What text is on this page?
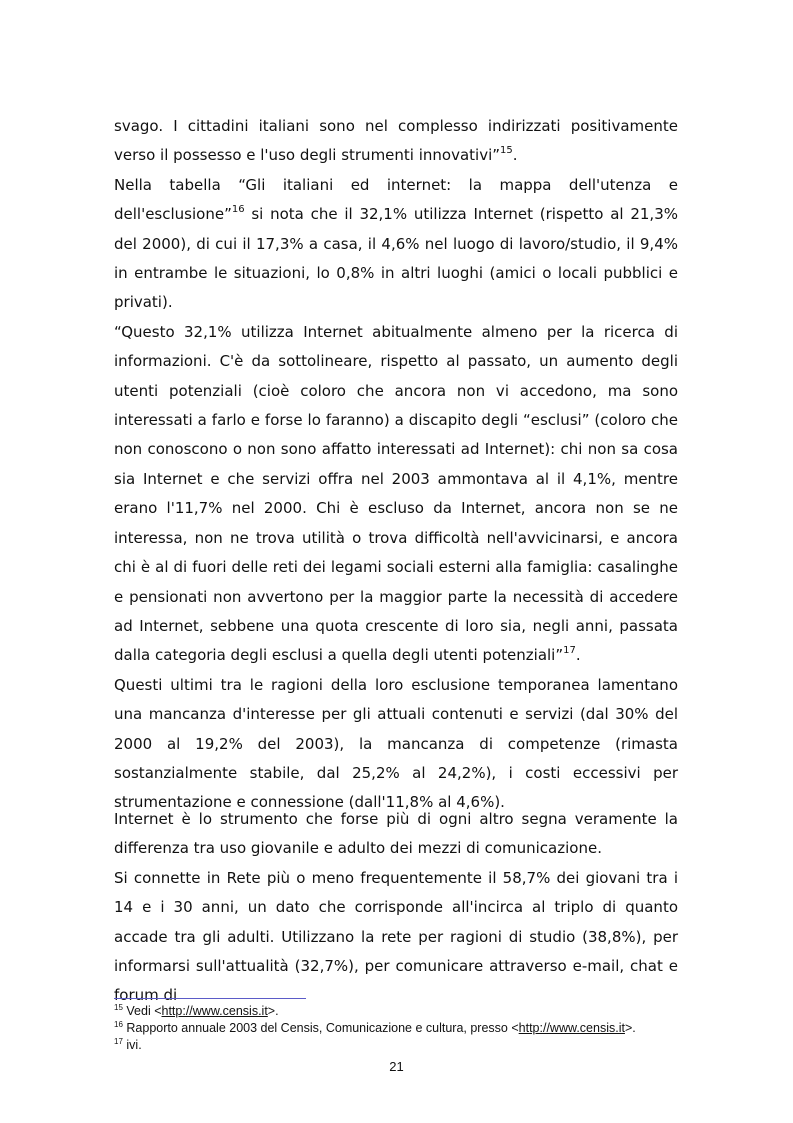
svago. I cittadini italiani sono nel complesso indirizzati positivamente verso il possesso e l'uso degli strumenti innovativi”$^{15}$.

Nella tabella “Gli italiani ed internet: la mappa dell'utenza e dell'esclusione”$^{16}$ si nota che il 32,1% utilizza Internet (rispetto al 21,3% del 2000), di cui il 17,3% a casa, il 4,6% nel luogo di lavoro/studio, il 9,4% in entrambe le situazioni, lo 0,8% in altri luoghi (amici o locali pubblici e privati).

“Questo 32,1% utilizza Internet abitualmente almeno per la ricerca di informazioni. C'è da sottolineare, rispetto al passato, un aumento degli utenti potenziali (cioè coloro che ancora non vi accedono, ma sono interessati a farlo e forse lo faranno) a discapito degli “esclusi” (coloro che non conoscono o non sono affatto interessati ad Internet): chi non sa cosa sia Internet e che servizi offra nel 2003 ammontava al il 4,1%, mentre erano l'11,7% nel 2000. Chi è escluso da Internet, ancora non se ne interessa, non ne trova utilità o trova difficoltà nell'avvicinarsi, e ancora chi è al di fuori delle reti dei legami sociali esterni alla famiglia: casalinghe e pensionati non avvertono per la maggior parte la necessità di accedere ad Internet, sebbene una quota crescente di loro sia, negli anni, passata dalla categoria degli esclusi a quella degli utenti potenziali”$^{17}$.

Questi ultimi tra le ragioni della loro esclusione temporanea lamentano una mancanza d'interesse per gli attuali contenuti e servizi (dal 30% del 2000 al 19,2% del 2003), la mancanza di competenze (rimasta sostanzialmente stabile, dal 25,2% al 24,2%), i costi eccessivi per strumentazione e connessione (dall'11,8% al 4,6%).

Internet è lo strumento che forse più di ogni altro segna veramente la differenza tra uso giovanile e adulto dei mezzi di comunicazione.

Si connette in Rete più o meno frequentemente il 58,7% dei giovani tra i 14 e i 30 anni, un dato che corrisponde all'incirca al triplo di quanto accade tra gli adulti. Utilizzano la rete per ragioni di studio (38,8%), per informarsi sull'attualità (32,7%), per comunicare attraverso e-mail, chat e forum di

$^{15}$ Vedi <http://www.censis.it>.

$^{16}$ Rapporto annuale 2003 del Censis, Comunicazione e cultura, presso <http://www.censis.it>.

$^{17}$ ivi.

21
